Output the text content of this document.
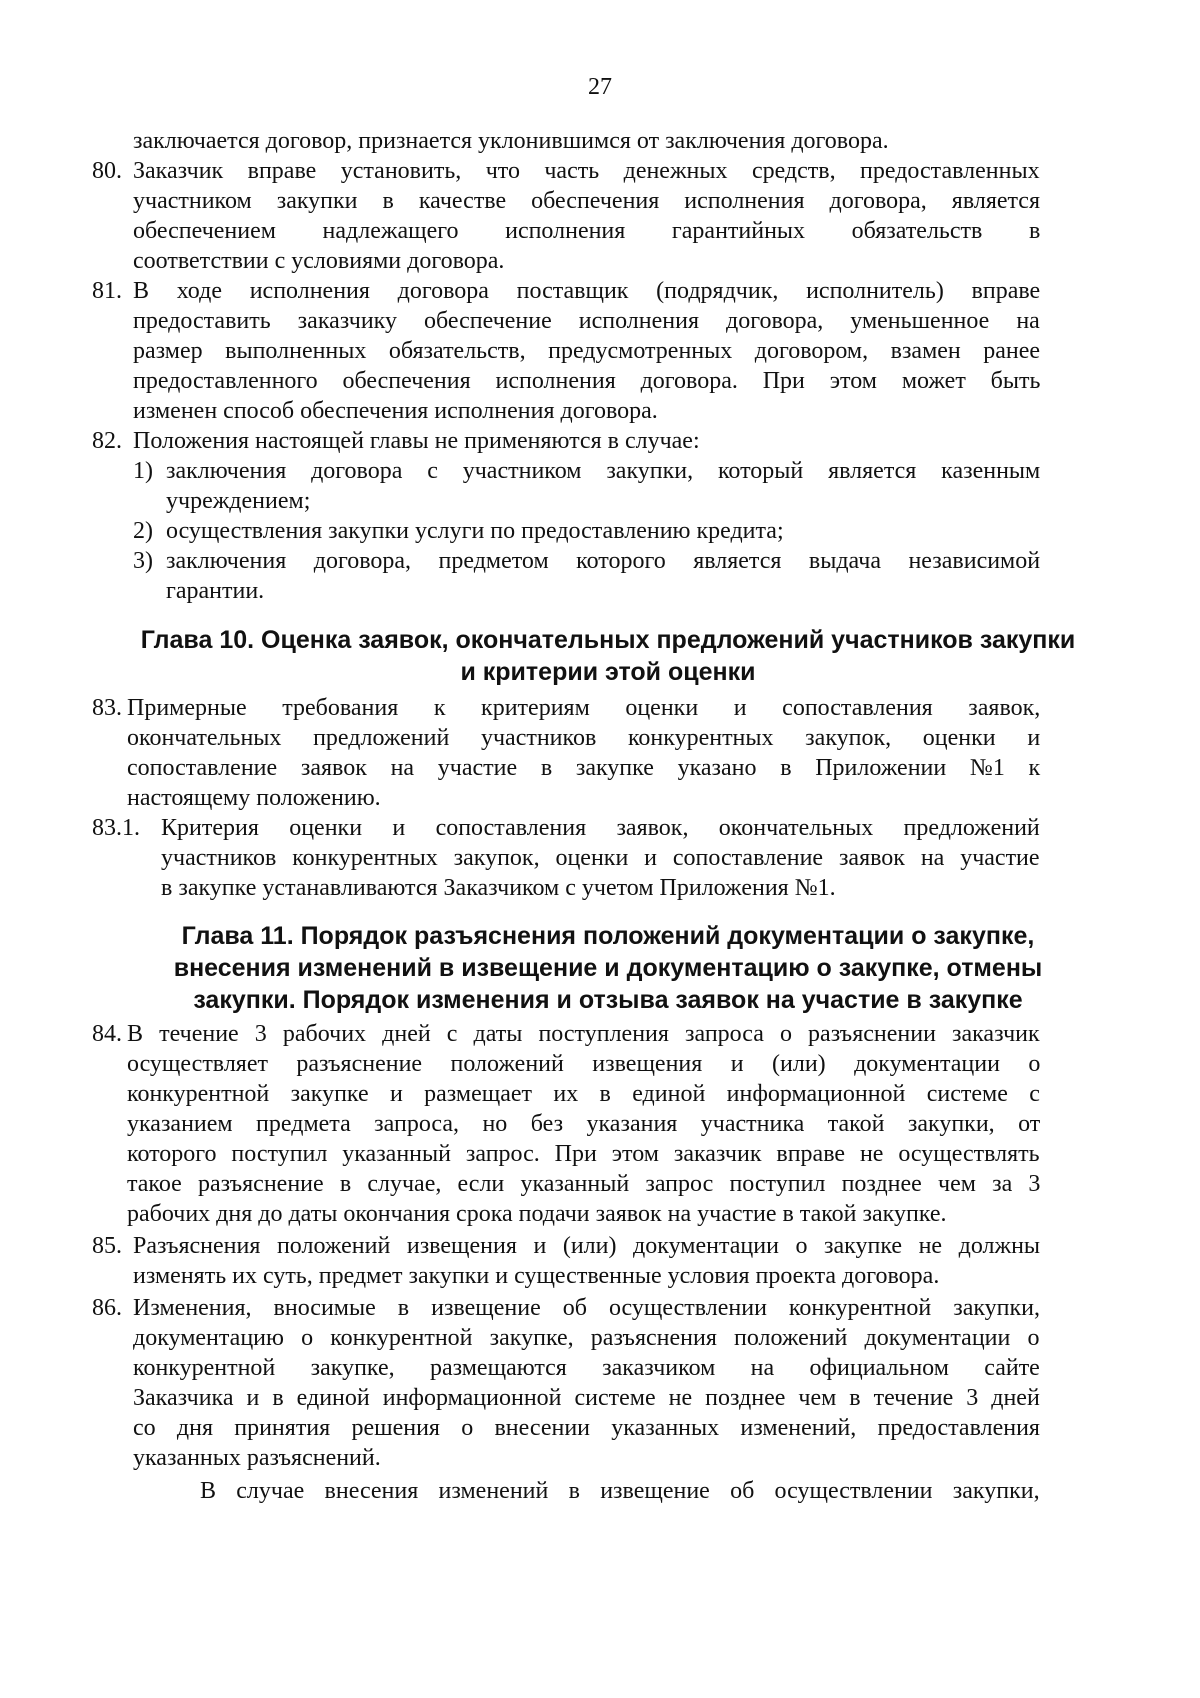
27
заключается договор, признается уклонившимся от заключения договора.
80. Заказчик вправе установить, что часть денежных средств, предоставленных
участником закупки в качестве обеспечения исполнения договора, является
обеспечением надлежащего исполнения гарантийных обязательств в
соответствии с условиями договора.
81. В ходе исполнения договора поставщик (подрядчик, исполнитель) вправе
предоставить заказчику обеспечение исполнения договора, уменьшенное на
размер выполненных обязательств, предусмотренных договором, взамен ранее
предоставленного обеспечения исполнения договора. При этом может быть
изменен способ обеспечения исполнения договора.
82. Положения настоящей главы не применяются в случае:
1) заключения договора с участником закупки, который является казенным
учреждением;
2) осуществления закупки услуги по предоставлению кредита;
3) заключения договора, предметом которого является выдача независимой
гарантии.
Глава 10. Оценка заявок, окончательных предложений участников закупки
и критерии этой оценки
83. Примерные требования к критериям оценки и сопоставления заявок,
окончательных предложений участников конкурентных закупок, оценки и
сопоставление заявок на участие в закупке указано в Приложении №1 к
настоящему положению.
83.1. Критерия оценки и сопоставления заявок, окончательных предложений
участников конкурентных закупок, оценки и сопоставление заявок на участие
в закупке устанавливаются Заказчиком с учетом Приложения №1.
Глава 11. Порядок разъяснения положений документации о закупке,
внесения изменений в извещение и документацию о закупке, отмены
закупки. Порядок изменения и отзыва заявок на участие в закупке
84. В течение 3 рабочих дней с даты поступления запроса о разъяснении заказчик
осуществляет разъяснение положений извещения и (или) документации о
конкурентной закупке и размещает их в единой информационной системе с
указанием предмета запроса, но без указания участника такой закупки, от
которого поступил указанный запрос. При этом заказчик вправе не осуществлять
такое разъяснение в случае, если указанный запрос поступил позднее чем за 3
рабочих дня до даты окончания срока подачи заявок на участие в такой закупке.
85. Разъяснения положений извещения и (или) документации о закупке не должны
изменять их суть, предмет закупки и существенные условия проекта договора.
86. Изменения, вносимые в извещение об осуществлении конкурентной закупки,
документацию о конкурентной закупке, разъяснения положений документации о
конкурентной закупке, размещаются заказчиком на официальном сайте
Заказчика и в единой информационной системе не позднее чем в течение 3 дней
со дня принятия решения о внесении указанных изменений, предоставления
указанных разъяснений.
В случае внесения изменений в извещение об осуществлении закупки,
